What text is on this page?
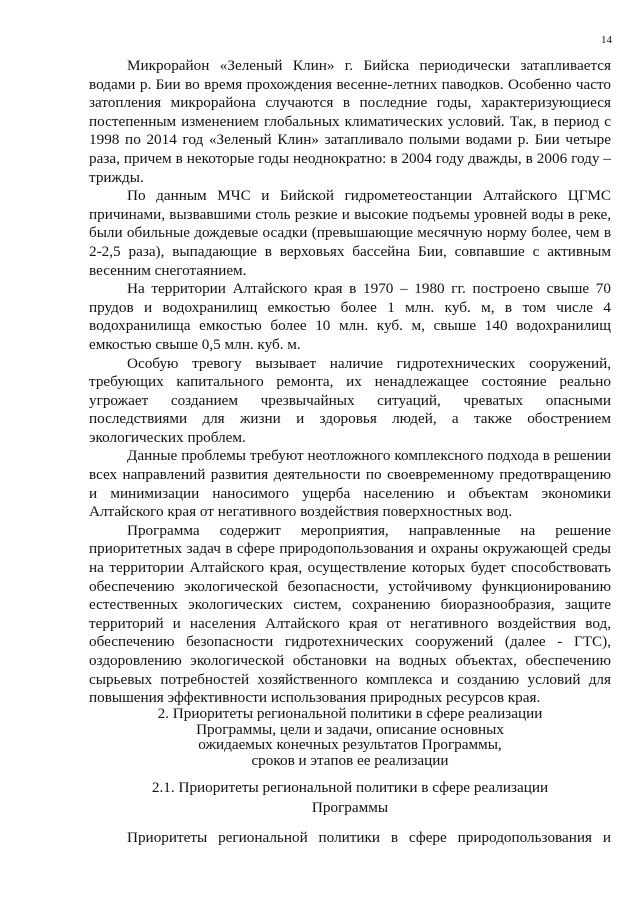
14

Микрорайон «Зеленый Клин» г. Бийска периодически затапливается водами р. Бии во время прохождения весенне-летних паводков. Особенно часто затопления микрорайона случаются в последние годы, характеризующиеся постепенным изменением глобальных климатических условий. Так, в период с 1998 по 2014 год «Зеленый Клин» затапливало полыми водами р. Бии четыре раза, причем в некоторые годы неоднократно: в 2004 году дважды, в 2006 году – трижды.

По данным МЧС и Бийской гидрометеостанции Алтайского ЦГМС причинами, вызвавшими столь резкие и высокие подъемы уровней воды в реке, были обильные дождевые осадки (превышающие месячную норму более, чем в 2-2,5 раза), выпадающие в верховьях бассейна Бии, совпавшие с активным весенним снеготаянием.

На территории Алтайского края в 1970 – 1980 гг. построено свыше 70 прудов и водохранилищ емкостью более 1 млн. куб. м, в том числе 4 водохранилища емкостью более 10 млн. куб. м, свыше 140 водохранилищ емкостью свыше 0,5 млн. куб. м.

Особую тревогу вызывает наличие гидротехнических сооружений, требующих капитального ремонта, их ненадлежащее состояние реально угрожает созданием чрезвычайных ситуаций, чреватых опасными последствиями для жизни и здоровья людей, а также обострением экологических проблем.

Данные проблемы требуют неотложного комплексного подхода в решении всех направлений развития деятельности по своевременному предотвращению и минимизации наносимого ущерба населению и объектам экономики Алтайского края от негативного воздействия поверхностных вод.

Программа содержит мероприятия, направленные на решение приоритетных задач в сфере природопользования и охраны окружающей среды на территории Алтайского края, осуществление которых будет способствовать обеспечению экологической безопасности, устойчивому функционированию естественных экологических систем, сохранению биоразнообразия, защите территорий и населения Алтайского края от негативного воздействия вод, обеспечению безопасности гидротехнических сооружений (далее - ГТС), оздоровлению экологической обстановки на водных объектах, обеспечению сырьевых потребностей хозяйственного комплекса и созданию условий для повышения эффективности использования природных ресурсов края.

2. Приоритеты региональной политики в сфере реализации
Программы, цели и задачи, описание основных
ожидаемых конечных результатов Программы,
сроков и этапов ее реализации
2.1. Приоритеты региональной политики в сфере реализации
Программы
Приоритеты региональной политики в сфере природопользования и
